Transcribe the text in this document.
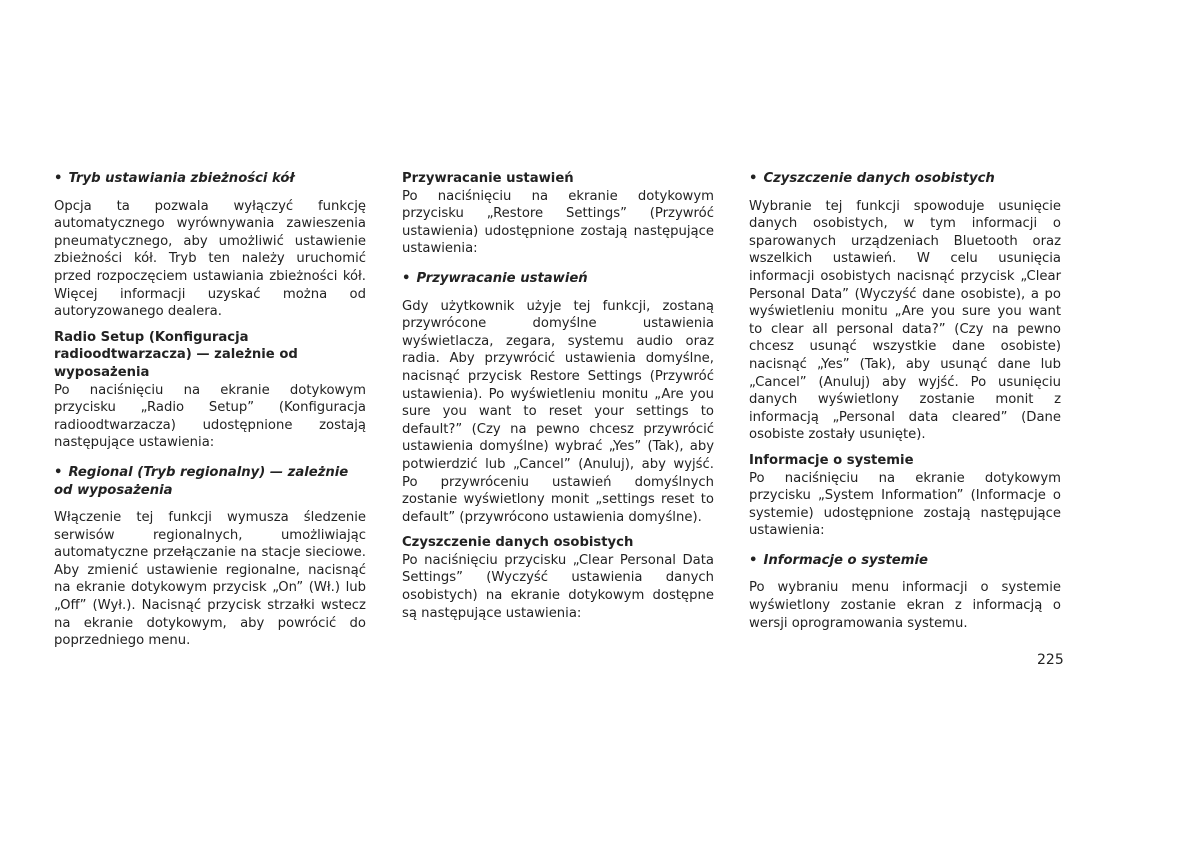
• Tryb ustawiania zbieżności kół

Opcja ta pozwala wyłączyć funkcję automatycznego wyrównywania zawieszenia pneumatycznego, aby umożliwić ustawienie zbieżności kół. Tryb ten należy uruchomić przed rozpoczęciem ustawiania zbieżności kół. Więcej informacji uzyskać można od autoryzowanego dealera.

Radio Setup (Konfiguracja radioodtwarzacza) — zależnie od wyposażenia

Po naciśnięciu na ekranie dotykowym przycisku „Radio Setup” (Konfiguracja radioodtwarzacza) udostępnione zostają następujące ustawienia:

• Regional (Tryb regionalny) — zależnie od wyposażenia

Włączenie tej funkcji wymusza śledzenie serwisów regionalnych, umożliwiając automatyczne przełączanie na stacje sieciowe. Aby zmienić ustawienie regionalne, nacisnąć na ekranie dotykowym przycisk „On” (Wł.) lub „Off” (Wył.). Nacisnąć przycisk strzałki wstecz na ekranie dotykowym, aby powrócić do poprzedniego menu.

Przywracanie ustawień

Po naciśnięciu na ekranie dotykowym przycisku „Restore Settings” (Przywróć ustawienia) udostępnione zostają następujące ustawienia:

• Przywracanie ustawień

Gdy użytkownik użyje tej funkcji, zostaną przywrócone domyślne ustawienia wyświetlacza, zegara, systemu audio oraz radia. Aby przywrócić ustawienia domyślne, nacisnąć przycisk Restore Settings (Przywróć ustawienia). Po wyświetleniu monitu „Are you sure you want to reset your settings to default?” (Czy na pewno chcesz przywrócić ustawienia domyślne) wybrać „Yes” (Tak), aby potwierdzić lub „Cancel” (Anuluj), aby wyjść. Po przywróceniu ustawień domyślnych zostanie wyświetlony monit „settings reset to default” (przywrócono ustawienia domyślne).

Czyszczenie danych osobistych

Po naciśnięciu przycisku „Clear Personal Data Settings” (Wyczyść ustawienia danych osobistych) na ekranie dotykowym dostępne są następujące ustawienia:

• Czyszczenie danych osobistych

Wybranie tej funkcji spowoduje usunięcie danych osobistych, w tym informacji o sparowanych urządzeniach Bluetooth oraz wszelkich ustawień. W celu usunięcia informacji osobistych nacisnąć przycisk „Clear Personal Data” (Wyczyść dane osobiste), a po wyświetleniu monitu „Are you sure you want to clear all personal data?” (Czy na pewno chcesz usunąć wszystkie dane osobiste) nacisnąć „Yes” (Tak), aby usunąć dane lub „Cancel” (Anuluj) aby wyjść. Po usunięciu danych wyświetlony zostanie monit z informacją „Personal data cleared” (Dane osobiste zostały usunięte).

Informacje o systemie

Po naciśnięciu na ekranie dotykowym przycisku „System Information” (Informacje o systemie) udostępnione zostają następujące ustawienia:

• Informacje o systemie

Po wybraniu menu informacji o systemie wyświetlony zostanie ekran z informacją o wersji oprogramowania systemu.

225
